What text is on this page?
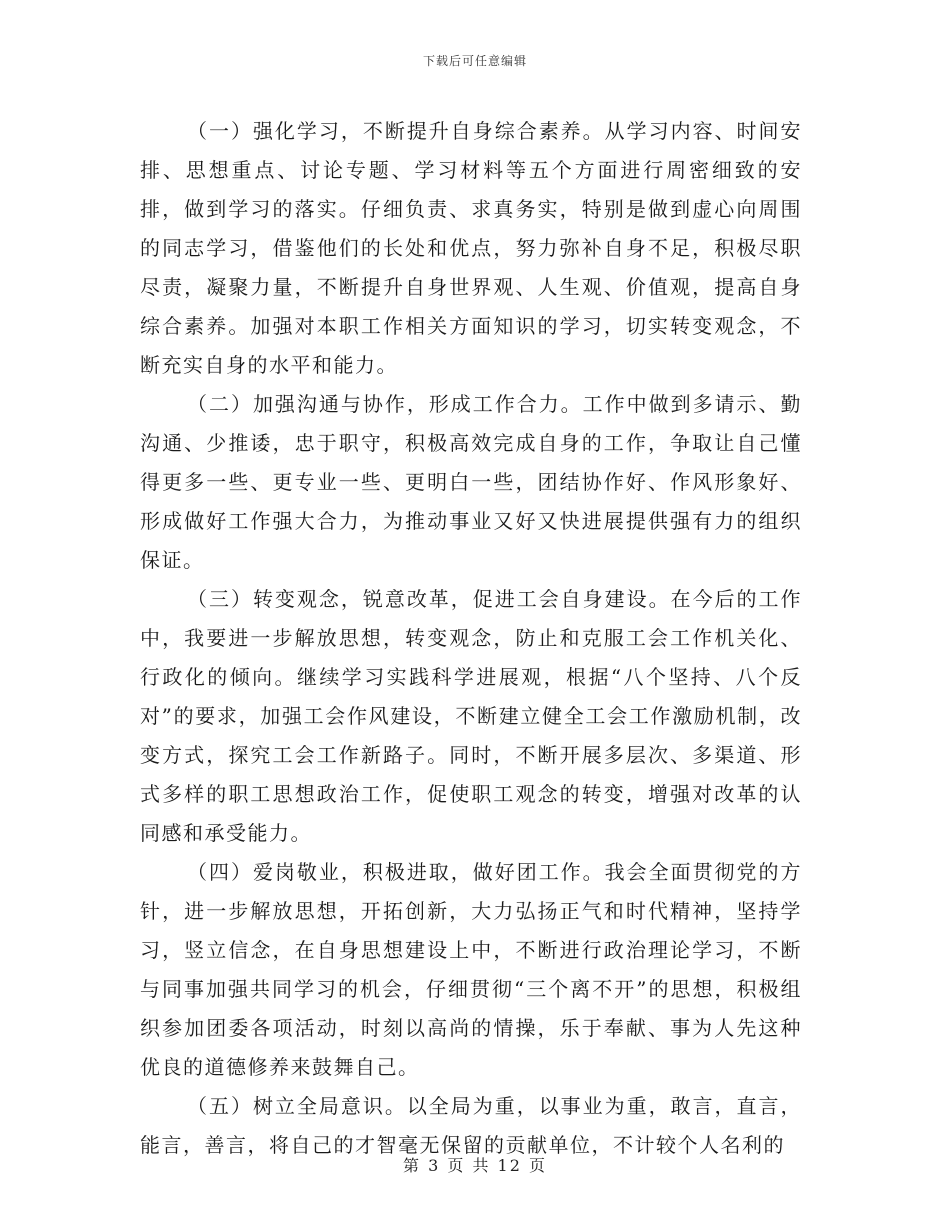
下载后可任意编辑

（一）强化学习，不断提升自身综合素养。从学习内容、时间安排、思想重点、讨论专题、学习材料等五个方面进行周密细致的安排，做到学习的落实。仔细负责、求真务实，特别是做到虚心向周围的同志学习，借鉴他们的长处和优点，努力弥补自身不足，积极尽职尽责，凝聚力量，不断提升自身世界观、人生观、价值观，提高自身综合素养。加强对本职工作相关方面知识的学习，切实转变观念，不断充实自身的水平和能力。

（二）加强沟通与协作，形成工作合力。工作中做到多请示、勤沟通、少推诿，忠于职守，积极高效完成自身的工作，争取让自己懂得更多一些、更专业一些、更明白一些，团结协作好、作风形象好、形成做好工作强大合力，为推动事业又好又快进展提供强有力的组织保证。

（三）转变观念，锐意改革，促进工会自身建设。在今后的工作中，我要进一步解放思想，转变观念，防止和克服工会工作机关化、行政化的倾向。继续学习实践科学进展观，根据“八个坚持、八个反对”的要求，加强工会作风建设，不断建立健全工会工作激励机制，改变方式，探究工会工作新路子。同时，不断开展多层次、多渠道、形式多样的职工思想政治工作，促使职工观念的转变，增强对改革的认同感和承受能力。

（四）爱岗敬业，积极进取，做好团工作。我会全面贯彻党的方针，进一步解放思想，开拓创新，大力弘扬正气和时代精神，坚持学习，竖立信念，在自身思想建设上中，不断进行政治理论学习，不断与同事加强共同学习的机会，仔细贯彻“三个离不开”的思想，积极组织参加团委各项活动，时刻以高尚的情操，乐于奉献、事为人先这种优良的道德修养来鼓舞自己。

（五）树立全局意识。以全局为重，以事业为重，敢言，直言，能言，善言，将自己的才智毫无保留的贡献单位，不计较个人名利的

第 3 页 共 12 页
